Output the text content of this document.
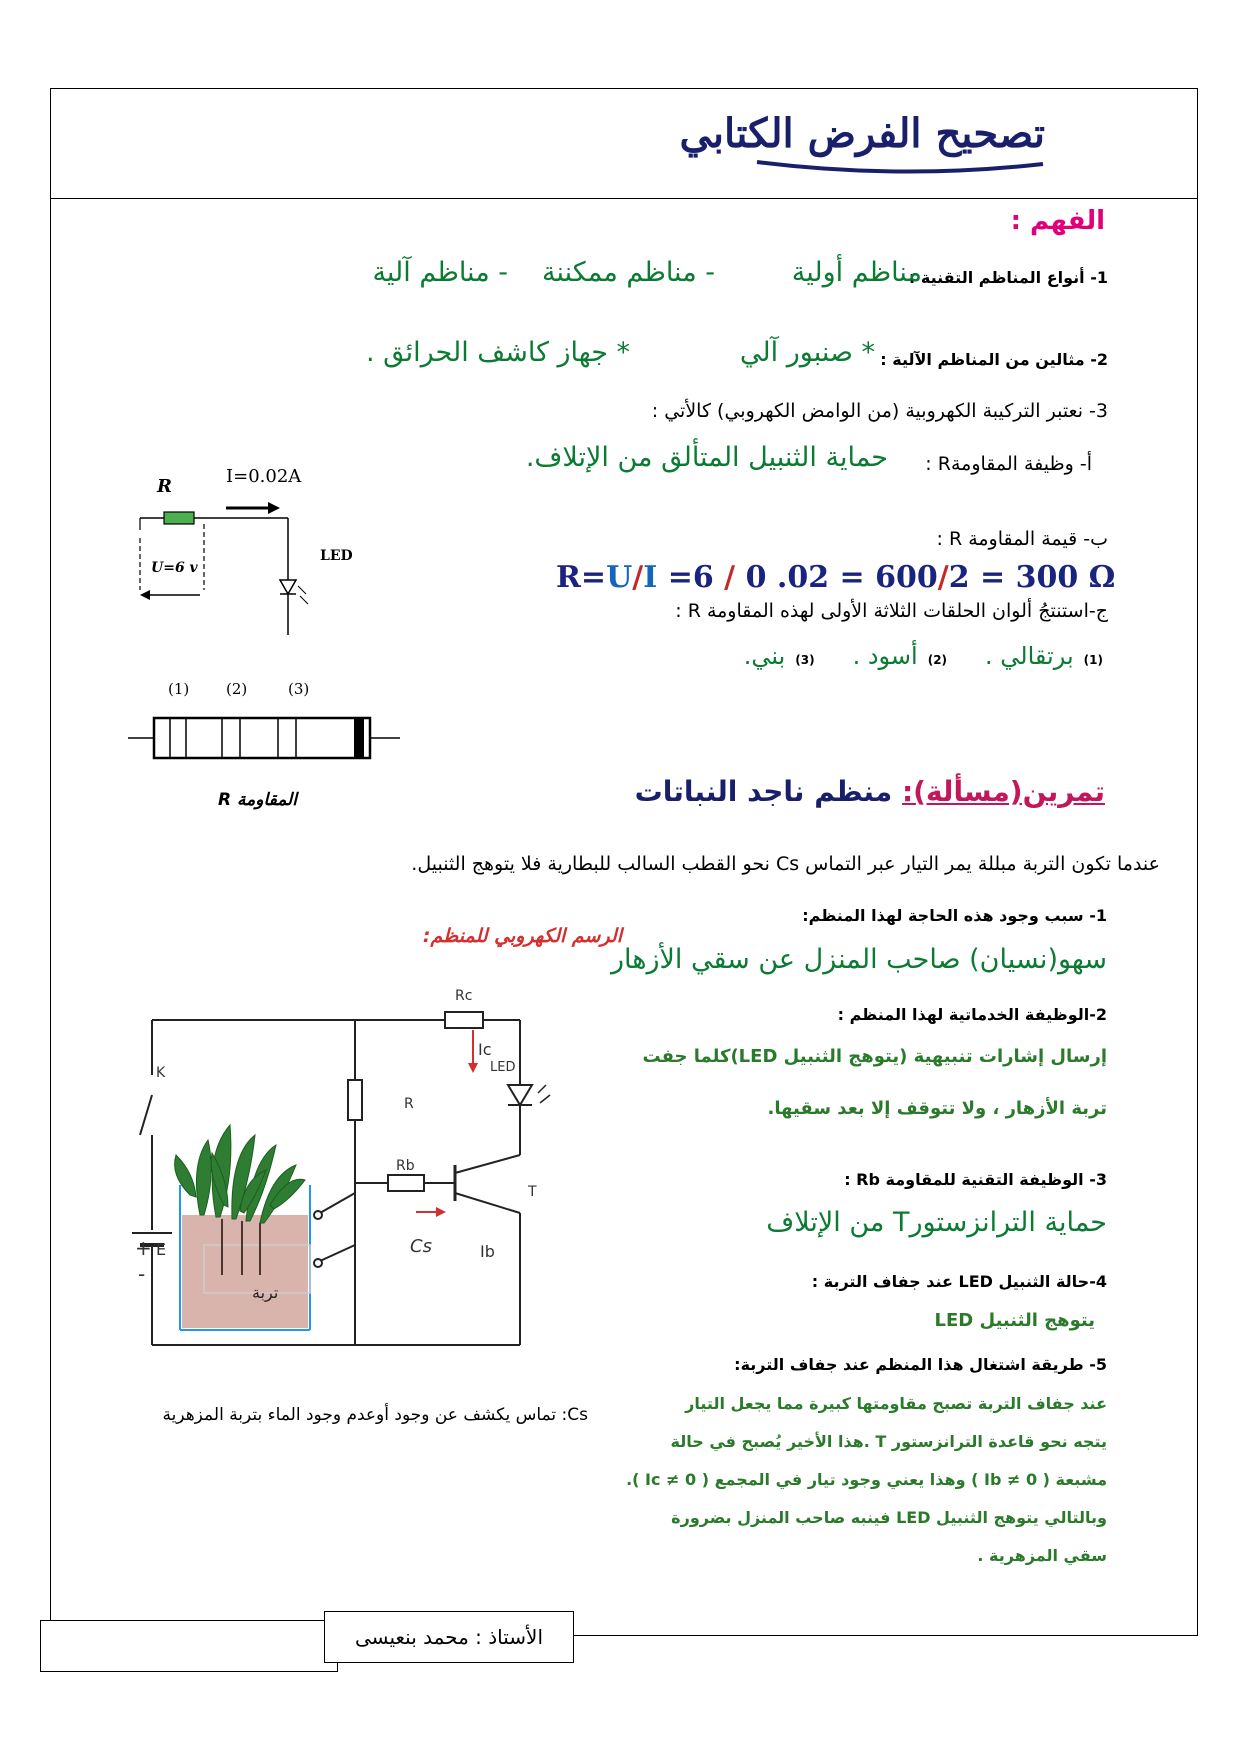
تصحيح الفرض الكتابي
الفهم :
1- أنواع المناظم التقنية :
مناظم أولية
- مناظم ممكننة
- مناظم آلية
2- مثالين من المناظم الآلية :
* صنبور آلي
* جهاز كاشف الحرائق .
3- نعتبر التركيبة الكهروبية (من الوامض الكهروبي) كالأتي :
أ- وظيفة المقاومةR :
حماية الثنبيل المتألق من الإتلاف.
ب- قيمة المقاومة R :
R=U/I =6 / 0 .02 = 600/2 = 300 Ω
ج-استنتجُ ألوان الحلقات الثلاثة الأولى لهذه المقاومة R :
(1)
برتقالي .
(2)
أسود .
(3)
بني.
R	I=0.02A
U=6 v
LED
(1) (2)	(3)
المقاومة R	تمرين(مسألة): منظم ناجد النباتات
عندما تكون التربة مبللة يمر التيار عبر التماس Cs نحو القطب السالب للبطارية فلا يتوهج الثنبيل.
1- سبب وجود هذه الحاجة لهذا المنظم:
سهو(نسيان) صاحب المنزل عن سقي الأزهار
2-الوظيفة الخدماتية لهذا المنظم :
إرسال إشارات تنبيهية (يتوهج الثنبيل LED)كلما جفت
تربة الأزهار ، ولا تتوقف إلا بعد سقيها.
3- الوظيفة التقنية للمقاومة Rb :
حماية الترانزستورT من الإتلاف
4-حالة الثنبيل LED عند جفاف التربة :
يتوهج الثنبيل LED
5- طريقة اشتغال هذا المنظم عند جفاف التربة:
عند جفاف التربة تصبح مقاومتها كبيرة مما يجعل التيار
يتجه نحو قاعدة الترانزستور T .هذا الأخير يُصبح في حالة
مشبعة ( Ib ≠ 0 ) وهذا يعني وجود تيار في المجمع ( Ic ≠ 0 ).
وبالتالي يتوهج الثنبيل LED فينبه صاحب المنزل بضرورة
سقي المزهرية .
Cs: تماس يكشف عن وجود أوعدم وجود الماء بتربة المزهرية
الرسم الكهروبي للمنظم:
Rc
Ic
LED
K
R
Rb
T
E
+
-
Cs	Ib
تربة
الأستاذ : محمد بنعيسى
